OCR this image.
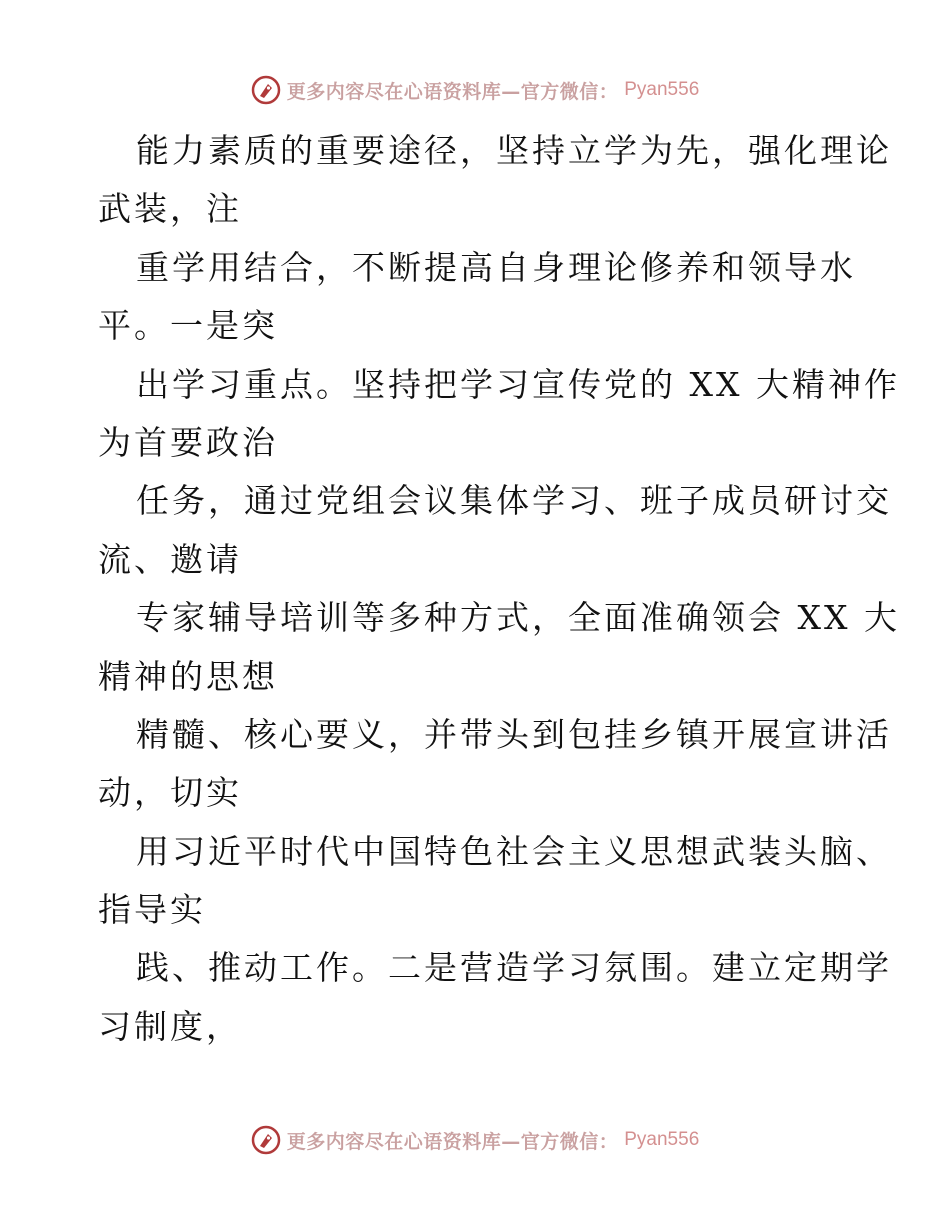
更多内容尽在心语资料库—官方微信： Pyan556
能力素质的重要途径，坚持立学为先，强化理论
武装，注
重学用结合，不断提高自身理论修养和领导水
平。一是突
出学习重点。坚持把学习宣传党的 XX 大精神作
为首要政治
任务，通过党组会议集体学习、班子成员研讨交
流、邀请
专家辅导培训等多种方式，全面准确领会 XX 大
精神的思想
精髓、核心要义，并带头到包挂乡镇开展宣讲活
动，切实
用习近平时代中国特色社会主义思想武装头脑、
指导实
践、推动工作。二是营造学习氛围。建立定期学
习制度，
更多内容尽在心语资料库—官方微信： Pyan556
